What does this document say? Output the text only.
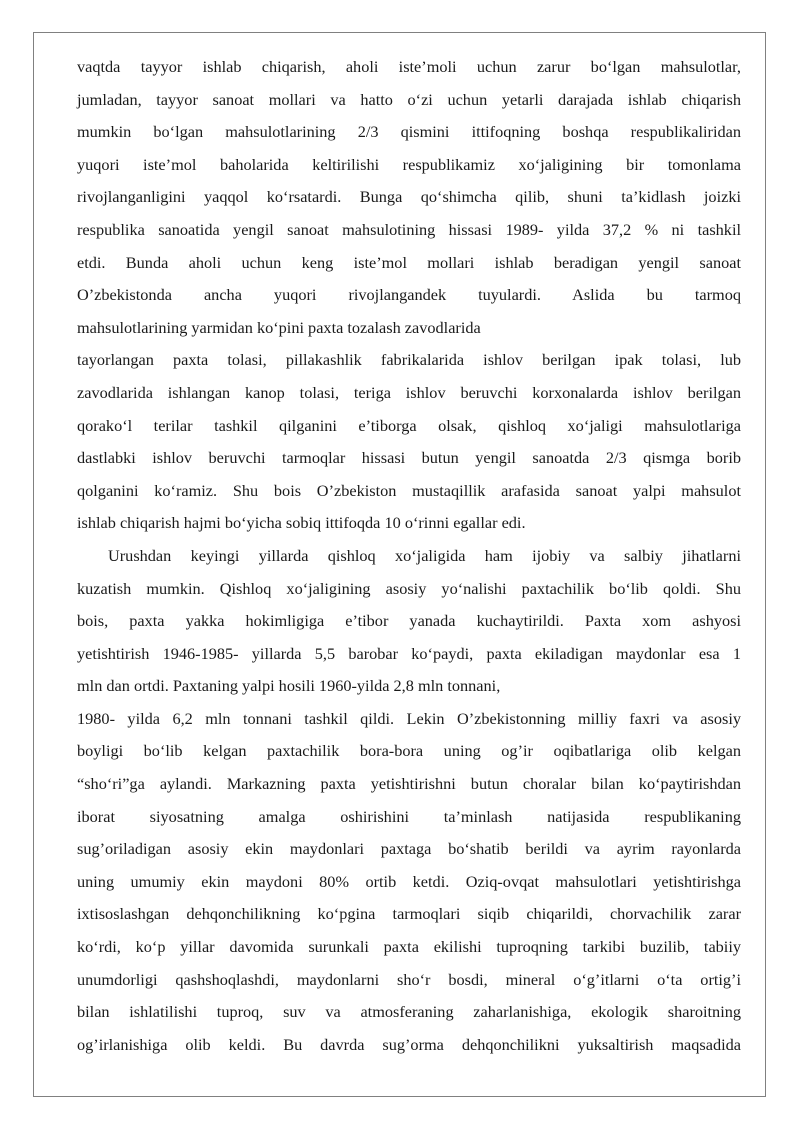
vaqtda tayyor ishlab chiqarish, aholi iste’moli uchun zarur bo‘lgan mahsulotlar,
jumladan, tayyor sanoat mollari va hatto o‘zi uchun yetarli darajada ishlab chiqarish
mumkin bo‘lgan mahsulotlarining 2/3 qismini ittifoqning boshqa respublikaliridan
yuqori iste’mol baholarida keltirilishi respublikamiz xo‘jaligining bir tomonlama
rivojlanganligini yaqqol ko‘rsatardi. Bunga qo‘shimcha qilib, shuni ta’kidlash joizki
respublika sanoatida yengil sanoat mahsulotining hissasi 1989- yilda 37,2 % ni tashkil
etdi. Bunda aholi uchun keng iste’mol mollari ishlab beradigan yengil sanoat
O’zbekistonda ancha yuqori rivojlangandek tuyulardi. Aslida bu tarmoq
mahsulotlarining yarmidan ko‘pini paxta tozalash zavodlarida
tayorlangan paxta tolasi, pillakashlik fabrikalarida ishlov berilgan ipak tolasi, lub
zavodlarida ishlangan kanop tolasi, teriga ishlov beruvchi korxonalarda ishlov berilgan
qorako‘l terilar tashkil qilganini e’tiborga olsak, qishloq xo‘jaligi mahsulotlariga
dastlabki ishlov beruvchi tarmoqlar hissasi butun yengil sanoatda 2/3 qismga borib
qolganini ko‘ramiz. Shu bois O’zbekiston mustaqillik arafasida sanoat yalpi mahsulot
ishlab chiqarish hajmi bo‘yicha sobiq ittifoqda 10 o‘rinni egallar edi.
Urushdan keyingi yillarda qishloq xo‘jaligida ham ijobiy va salbiy jihatlarni
kuzatish mumkin. Qishloq xo‘jaligining asosiy yo‘nalishi paxtachilik bo‘lib qoldi. Shu
bois, paxta yakka hokimligiga e’tibor yanada kuchaytirildi. Paxta xom ashyosi
yetishtirish 1946-1985- yillarda 5,5 barobar ko‘paydi, paxta ekiladigan maydonlar esa 1
mln dan ortdi. Paxtaning yalpi hosili 1960-yilda 2,8 mln tonnani,
1980- yilda 6,2 mln tonnani tashkil qildi. Lekin O’zbekistonning milliy faxri va asosiy
boyligi bo‘lib kelgan paxtachilik bora-bora uning og’ir oqibatlariga olib kelgan
“sho‘ri”ga aylandi. Markazning paxta yetishtirishni butun choralar bilan ko‘paytirishdan
iborat siyosatning amalga oshirishini ta’minlash natijasida respublikaning
sug’oriladigan asosiy ekin maydonlari paxtaga bo‘shatib berildi va ayrim rayonlarda
uning umumiy ekin maydoni 80% ortib ketdi. Oziq-ovqat mahsulotlari yetishtirishga
ixtisoslashgan dehqonchilikning ko‘pgina tarmoqlari siqib chiqarildi, chorvachilik zarar
ko‘rdi, ko‘p yillar davomida surunkali paxta ekilishi tuproqning tarkibi buzilib, tabiiy
unumdorligi qashshoqlashdi, maydonlarni sho‘r bosdi, mineral o‘g’itlarni o‘ta ortig’i
bilan ishlatilishi tuproq, suv va atmosferaning zaharlanishiga, ekologik sharoitning
og’irlanishiga olib keldi. Bu davrda sug’orma dehqonchilikni yuksaltirish maqsadida
